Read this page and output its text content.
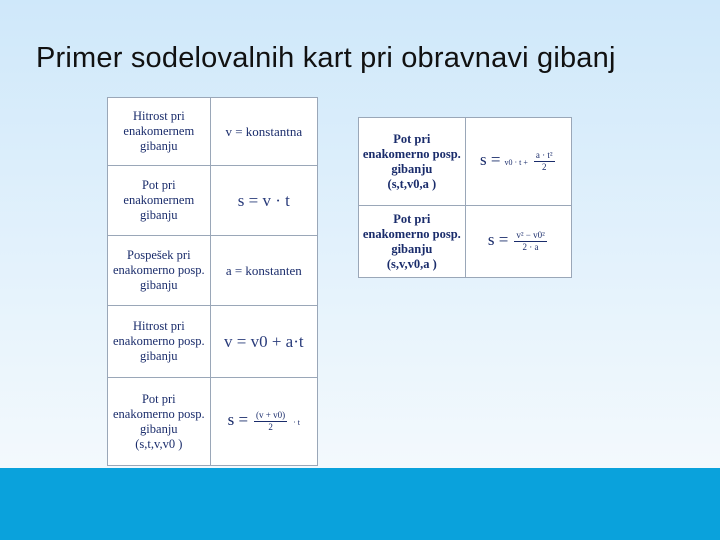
Primer sodelovalnih kart pri obravnavi gibanj
Hitrost pri
enakomernem
gibanju	v = konstantna

Pot pri
enakomernem
gibanju	s = v · t

Pospešek pri
enakomerno posp.
gibanju	a = konstanten

Hitrost pri
enakomerno posp.
gibanju	v = v0 + a·t

Pot pri
enakomerno posp.
gibanju
(s,t,v,v0 )	$s = \frac{(v + v0)}{2} \cdot t$
Pot pri
enakomerno posp.
gibanju
(s,t,v0,a )	$s = v0 \cdot t + \frac{\text{a · t²}}{2}$

Pot pri
enakomerno posp.
gibanju
(s,v,v0,a )	$s = \frac{\text{v² − v0²}}{2 \cdot a}$
